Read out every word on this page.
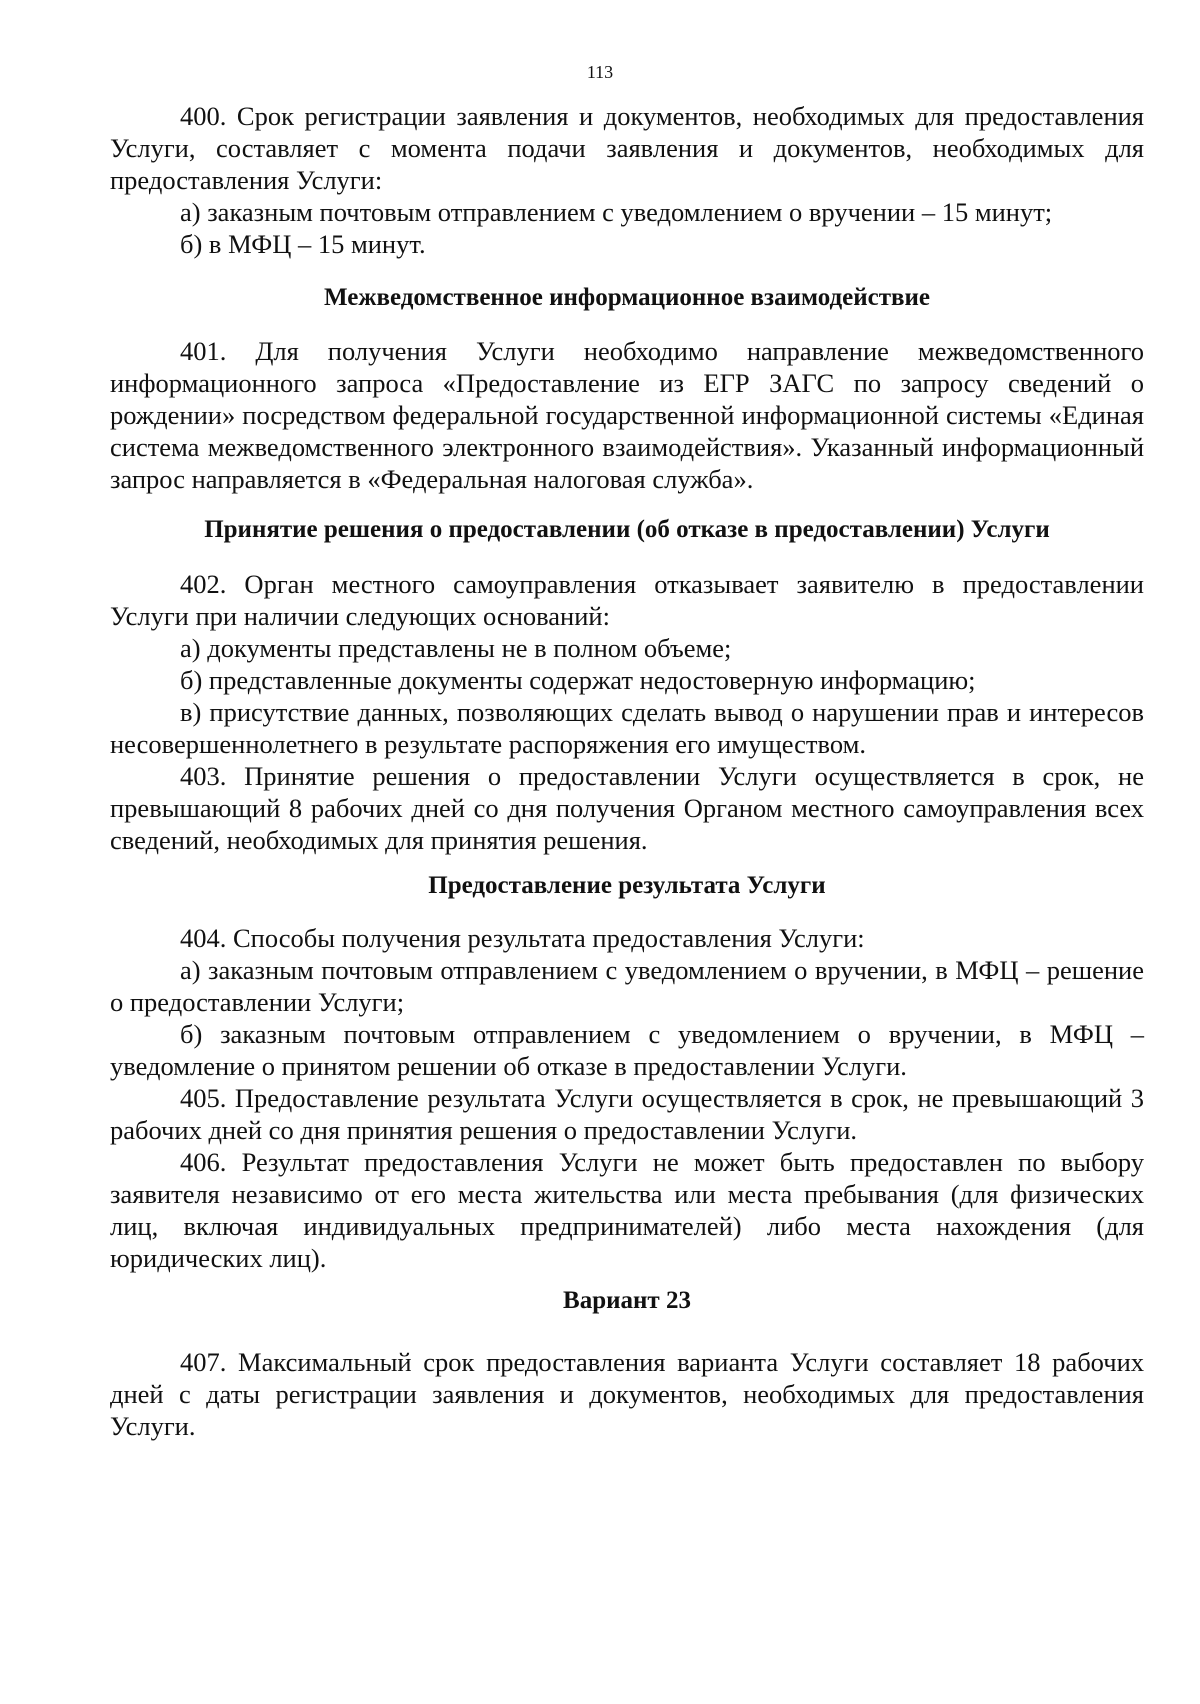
113

400. Срок регистрации заявления и документов, необходимых для предоставления Услуги, составляет с момента подачи заявления и документов, необходимых для предоставления Услуги:

а) заказным почтовым отправлением с уведомлением о вручении – 15 минут;

б) в МФЦ – 15 минут.

Межведомственное информационное взаимодействие

401. Для получения Услуги необходимо направление межведомственного информационного запроса «Предоставление из ЕГР ЗАГС по запросу сведений о рождении» посредством федеральной государственной информационной системы «Единая система межведомственного электронного взаимодействия». Указанный информационный запрос направляется в «Федеральная налоговая служба».

Принятие решения о предоставлении (об отказе в предоставлении) Услуги

402. Орган местного самоуправления отказывает заявителю в предоставлении Услуги при наличии следующих оснований:

а) документы представлены не в полном объеме;

б) представленные документы содержат недостоверную информацию;

в) присутствие данных, позволяющих сделать вывод о нарушении прав и интересов несовершеннолетнего в результате распоряжения его имуществом.

403. Принятие решения о предоставлении Услуги осуществляется в срок, не превышающий 8 рабочих дней со дня получения Органом местного самоуправления всех сведений, необходимых для принятия решения.

Предоставление результата Услуги

404. Способы получения результата предоставления Услуги:

а) заказным почтовым отправлением с уведомлением о вручении, в МФЦ – решение о предоставлении Услуги;

б) заказным почтовым отправлением с уведомлением о вручении, в МФЦ – уведомление о принятом решении об отказе в предоставлении Услуги.

405. Предоставление результата Услуги осуществляется в срок, не превышающий 3 рабочих дней со дня принятия решения о предоставлении Услуги.

406. Результат предоставления Услуги не может быть предоставлен по выбору заявителя независимо от его места жительства или места пребывания (для физических лиц, включая индивидуальных предпринимателей) либо места нахождения (для юридических лиц).

Вариант 23

407. Максимальный срок предоставления варианта Услуги составляет 18 рабочих дней с даты регистрации заявления и документов, необходимых для предоставления Услуги.
